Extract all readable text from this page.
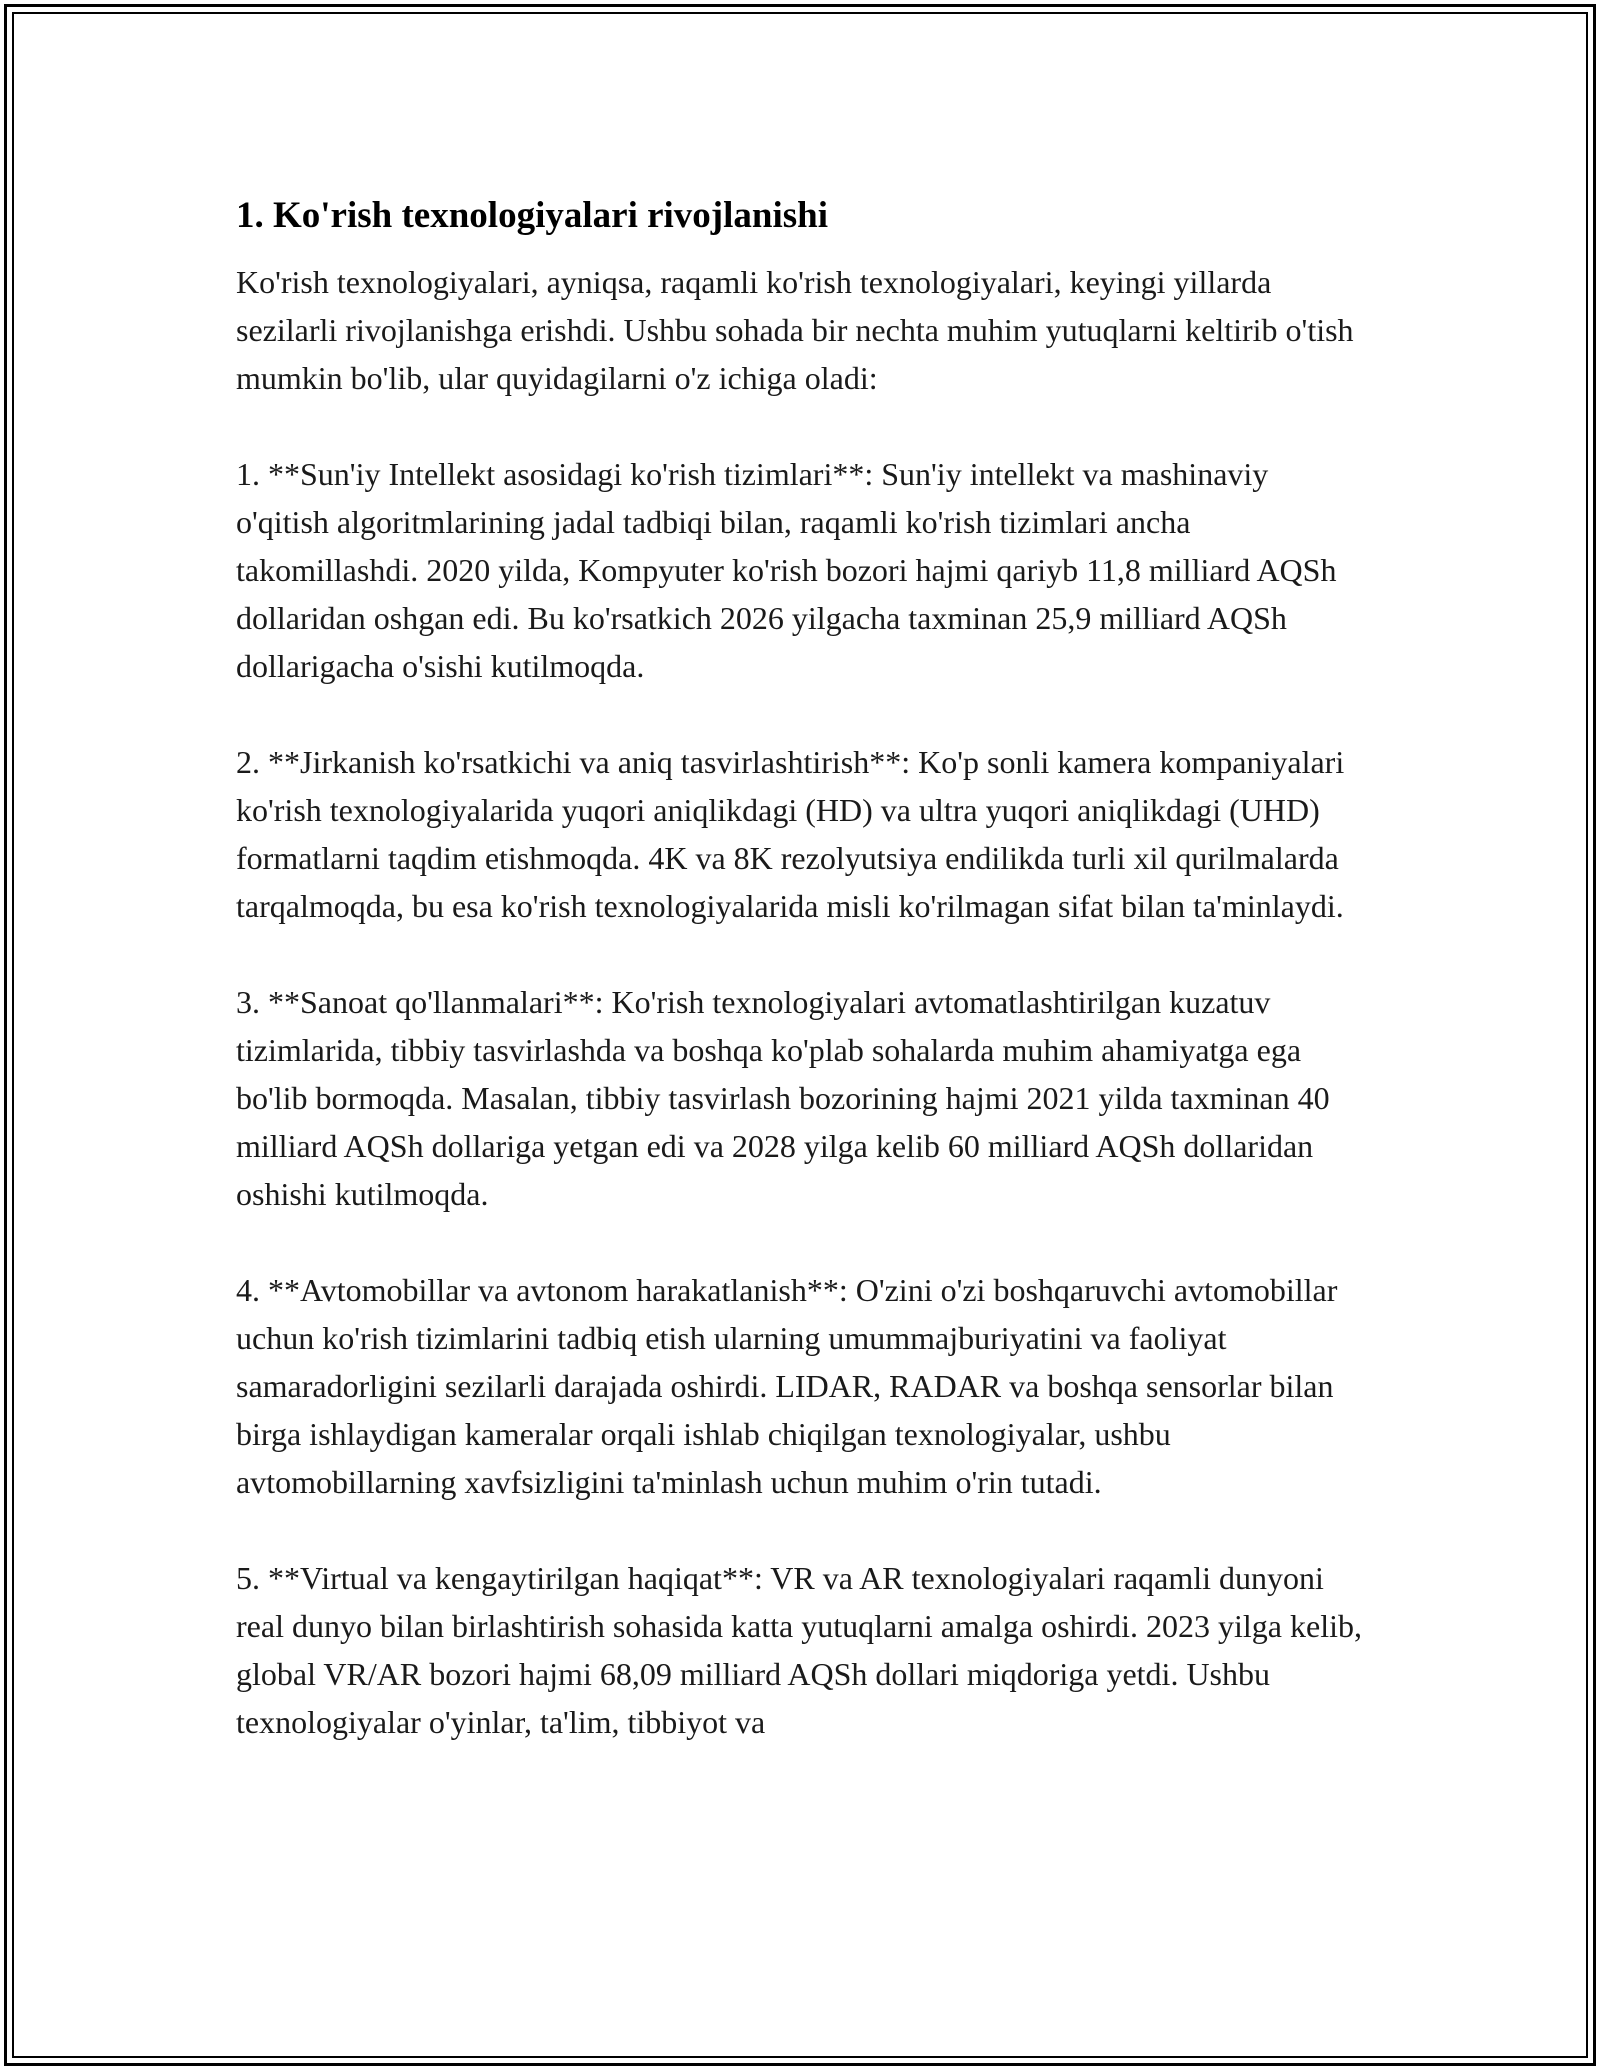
1. Ko'rish texnologiyalari rivojlanishi

Ko'rish texnologiyalari, ayniqsa, raqamli ko'rish texnologiyalari, keyingi yillarda sezilarli rivojlanishga erishdi. Ushbu sohada bir nechta muhim yutuqlarni keltirib o'tish mumkin bo'lib, ular quyidagilarni o'z ichiga oladi:

1. **Sun'iy Intellekt asosidagi ko'rish tizimlari**: Sun'iy intellekt va mashinaviy o'qitish algoritmlarining jadal tadbiqi bilan, raqamli ko'rish tizimlari ancha takomillashdi. 2020 yilda, Kompyuter ko'rish bozori hajmi qariyb 11,8 milliard AQSh dollaridan oshgan edi. Bu ko'rsatkich 2026 yilgacha taxminan 25,9 milliard AQSh dollarigacha o'sishi kutilmoqda.

2. **Jirkanish ko'rsatkichi va aniq tasvirlashtirish**: Ko'p sonli kamera kompaniyalari ko'rish texnologiyalarida yuqori aniqlikdagi (HD) va ultra yuqori aniqlikdagi (UHD) formatlarni taqdim etishmoqda. 4K va 8K rezolyutsiya endilikda turli xil qurilmalarda tarqalmoqda, bu esa ko'rish texnologiyalarida misli ko'rilmagan sifat bilan ta'minlaydi.

3. **Sanoat qo'llanmalari**: Ko'rish texnologiyalari avtomatlashtirilgan kuzatuv tizimlarida, tibbiy tasvirlashda va boshqa ko'plab sohalarda muhim ahamiyatga ega bo'lib bormoqda. Masalan, tibbiy tasvirlash bozorining hajmi 2021 yilda taxminan 40 milliard AQSh dollariga yetgan edi va 2028 yilga kelib 60 milliard AQSh dollaridan oshishi kutilmoqda.

4. **Avtomobillar va avtonom harakatlanish**: O'zini o'zi boshqaruvchi avtomobillar uchun ko'rish tizimlarini tadbiq etish ularning umummajburiyatini va faoliyat samaradorligini sezilarli darajada oshirdi. LIDAR, RADAR va boshqa sensorlar bilan birga ishlaydigan kameralar orqali ishlab chiqilgan texnologiyalar, ushbu avtomobillarning xavfsizligini ta'minlash uchun muhim o'rin tutadi.

5. **Virtual va kengaytirilgan haqiqat**: VR va AR texnologiyalari raqamli dunyoni real dunyo bilan birlashtirish sohasida katta yutuqlarni amalga oshirdi. 2023 yilga kelib, global VR/AR bozori hajmi 68,09 milliard AQSh dollari miqdoriga yetdi. Ushbu texnologiyalar o'yinlar, ta'lim, tibbiyot va
